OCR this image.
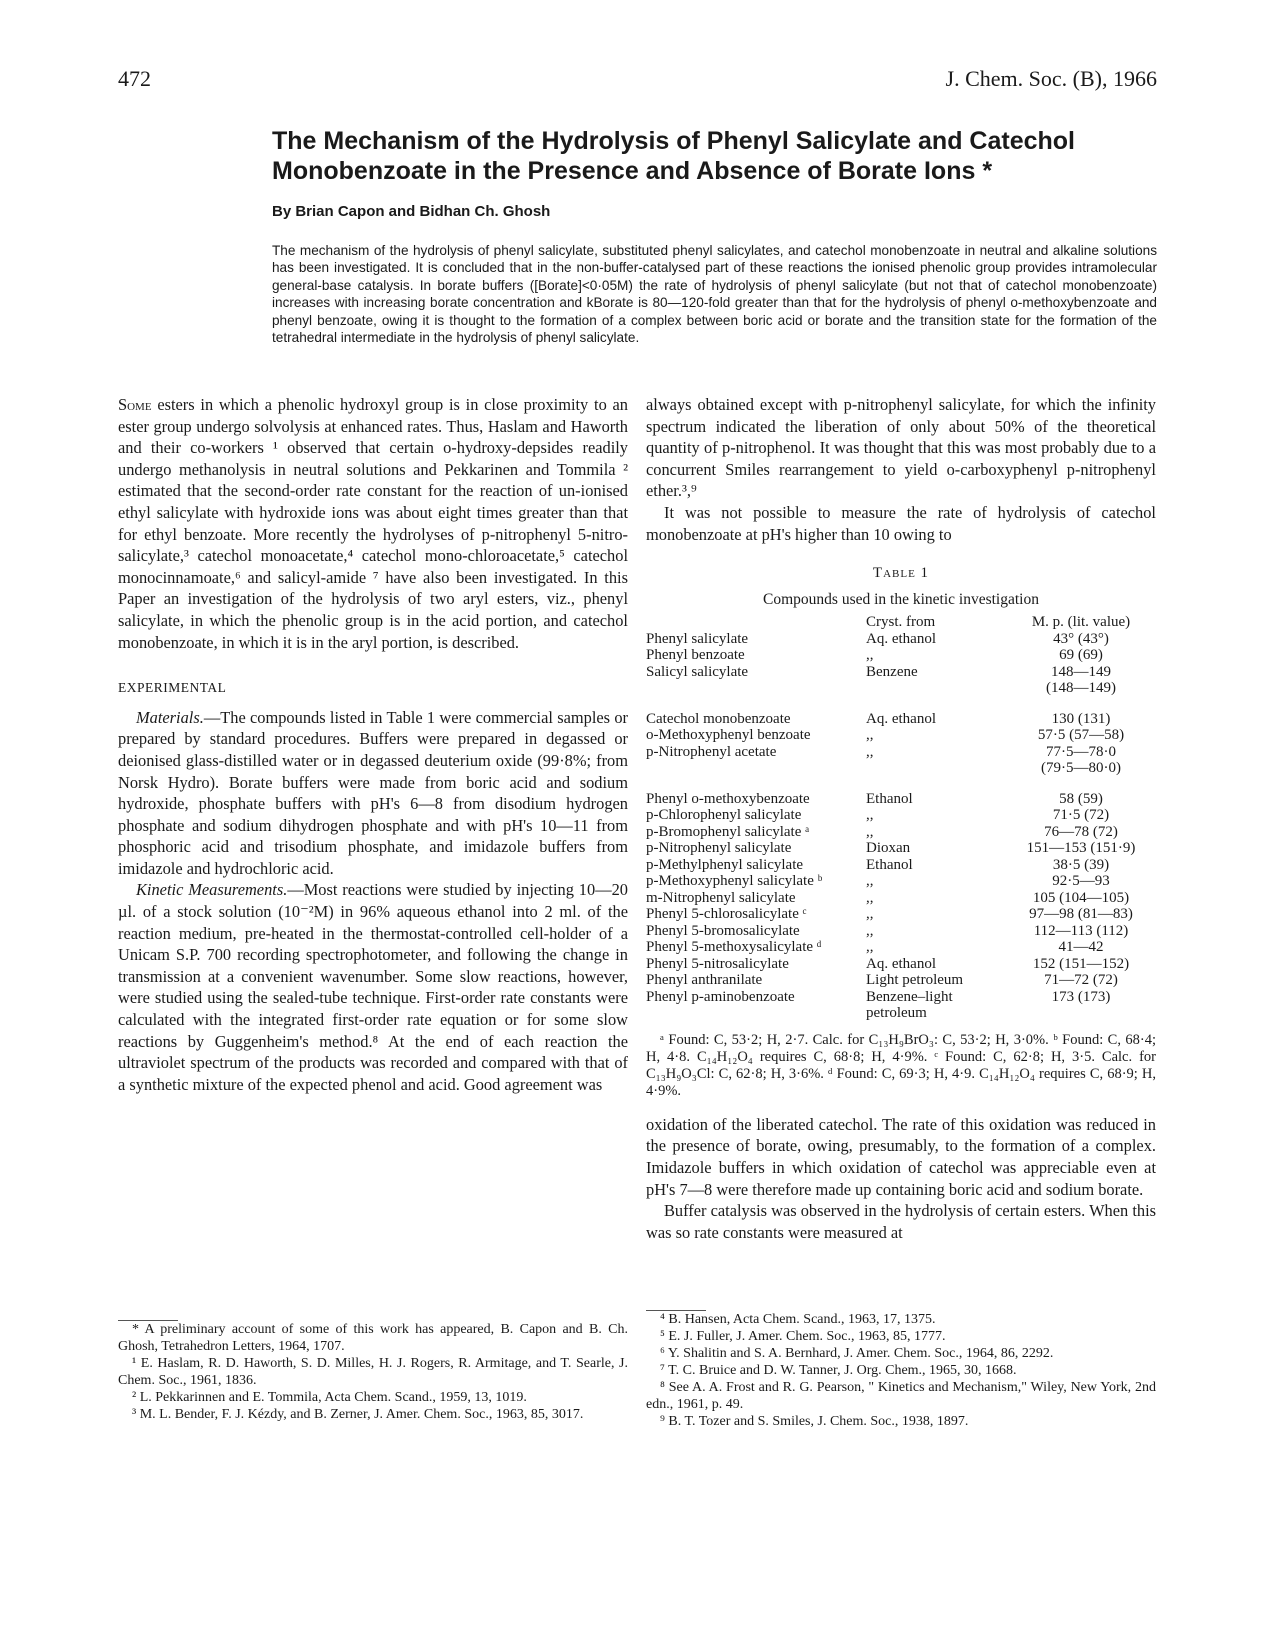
472	J. Chem. Soc. (B), 1966
The Mechanism of the Hydrolysis of Phenyl Salicylate and Catechol Monobenzoate in the Presence and Absence of Borate Ions *
By Brian Capon and Bidhan Ch. Ghosh

The mechanism of the hydrolysis of phenyl salicylate, substituted phenyl salicylates, and catechol monobenzoate in neutral and alkaline solutions has been investigated. It is concluded that in the non-buffer-catalysed part of these reactions the ionised phenolic group provides intramolecular general-base catalysis. In borate buffers ([Borate]<0·05M) the rate of hydrolysis of phenyl salicylate (but not that of catechol monobenzoate) increases with increasing borate concentration and kBorate is 80—120-fold greater than that for the hydrolysis of phenyl o-methoxybenzoate and phenyl benzoate, owing it is thought to the formation of a complex between boric acid or borate and the transition state for the formation of the tetrahedral intermediate in the hydrolysis of phenyl salicylate.

Some esters in which a phenolic hydroxyl group is in close proximity to an ester group undergo solvolysis at enhanced rates. Thus, Haslam and Haworth and their co-workers ¹ observed that certain o-hydroxy-depsides readily undergo methanolysis in neutral solutions and Pekkarinen and Tommila ² estimated that the second-order rate constant for the reaction of un-ionised ethyl salicylate with hydroxide ions was about eight times greater than that for ethyl benzoate. More recently the hydrolyses of p-nitrophenyl 5-nitro-salicylate,³ catechol monoacetate,⁴ catechol mono-chloroacetate,⁵ catechol monocinnamoate,⁶ and salicyl-amide ⁷ have also been investigated. In this Paper an investigation of the hydrolysis of two aryl esters, viz., phenyl salicylate, in which the phenolic group is in the acid portion, and catechol monobenzoate, in which it is in the aryl portion, is described.

EXPERIMENTAL

Materials.—The compounds listed in Table 1 were commercial samples or prepared by standard procedures. Buffers were prepared in degassed or deionised glass-distilled water or in degassed deuterium oxide (99·8%; from Norsk Hydro). Borate buffers were made from boric acid and sodium hydroxide, phosphate buffers with pH's 6—8 from disodium hydrogen phosphate and sodium dihydrogen phosphate and with pH's 10—11 from phosphoric acid and trisodium phosphate, and imidazole buffers from imidazole and hydrochloric acid.

Kinetic Measurements.—Most reactions were studied by injecting 10—20 µl. of a stock solution (10⁻²M) in 96% aqueous ethanol into 2 ml. of the reaction medium, pre-heated in the thermostat-controlled cell-holder of a Unicam S.P. 700 recording spectrophotometer, and following the change in transmission at a convenient wavenumber. Some slow reactions, however, were studied using the sealed-tube technique. First-order rate constants were calculated with the integrated first-order rate equation or for some slow reactions by Guggenheim's method.⁸ At the end of each reaction the ultraviolet spectrum of the products was recorded and compared with that of a synthetic mixture of the expected phenol and acid. Good agreement was

* A preliminary account of some of this work has appeared, B. Capon and B. Ch. Ghosh, Tetrahedron Letters, 1964, 1707.

¹ E. Haslam, R. D. Haworth, S. D. Milles, H. J. Rogers, R. Armitage, and T. Searle, J. Chem. Soc., 1961, 1836.

² L. Pekkarinnen and E. Tommila, Acta Chem. Scand., 1959, 13, 1019.

³ M. L. Bender, F. J. Kézdy, and B. Zerner, J. Amer. Chem. Soc., 1963, 85, 3017.

always obtained except with p-nitrophenyl salicylate, for which the infinity spectrum indicated the liberation of only about 50% of the theoretical quantity of p-nitrophenol. It was thought that this was most probably due to a concurrent Smiles rearrangement to yield o-carboxyphenyl p-nitrophenyl ether.³,⁹

It was not possible to measure the rate of hydrolysis of catechol monobenzoate at pH's higher than 10 owing to

Table 1
Compounds used in the kinetic investigation
	Cryst. from	M. p. (lit. value)
Phenyl salicylate	Aq. ethanol	43° (43°)
Phenyl benzoate	,,	69 (69)
Salicyl salicylate	Benzene	148—149
		(148—149)
Catechol monobenzoate	Aq. ethanol	130 (131)
o-Methoxyphenyl benzoate	,,	57·5 (57—58)
p-Nitrophenyl acetate	,,	77·5—78·0
		(79·5—80·0)
Phenyl o-methoxybenzoate	Ethanol	58 (59)
p-Chlorophenyl salicylate	,,	71·5 (72)
p-Bromophenyl salicylate ᵃ	,,	76—78 (72)
p-Nitrophenyl salicylate	Dioxan	151—153 (151·9)
p-Methylphenyl salicylate	Ethanol	38·5 (39)
p-Methoxyphenyl salicylate ᵇ	,,	92·5—93
m-Nitrophenyl salicylate	,,	105 (104—105)
Phenyl 5-chlorosalicylate ᶜ	,,	97—98 (81—83)
Phenyl 5-bromosalicylate	,,	112—113 (112)
Phenyl 5-methoxysalicylate ᵈ	,,	41—42
Phenyl 5-nitrosalicylate	Aq. ethanol	152 (151—152)
Phenyl anthranilate	Light petroleum	71—72 (72)
Phenyl p-aminobenzoate	Benzene–light	173 (173)
	petroleum	
ᵃ Found: C, 53·2; H, 2·7. Calc. for C₁₃H₉BrO₃: C, 53·2; H, 3·0%. ᵇ Found: C, 68·4; H, 4·8. C₁₄H₁₂O₄ requires C, 68·8; H, 4·9%. ᶜ Found: C, 62·8; H, 3·5. Calc. for C₁₃H₉O₃Cl: C, 62·8; H, 3·6%. ᵈ Found: C, 69·3; H, 4·9. C₁₄H₁₂O₄ requires C, 68·9; H, 4·9%.

oxidation of the liberated catechol. The rate of this oxidation was reduced in the presence of borate, owing, presumably, to the formation of a complex. Imidazole buffers in which oxidation of catechol was appreciable even at pH's 7—8 were therefore made up containing boric acid and sodium borate.

Buffer catalysis was observed in the hydrolysis of certain esters. When this was so rate constants were measured at

⁴ B. Hansen, Acta Chem. Scand., 1963, 17, 1375.

⁵ E. J. Fuller, J. Amer. Chem. Soc., 1963, 85, 1777.

⁶ Y. Shalitin and S. A. Bernhard, J. Amer. Chem. Soc., 1964, 86, 2292.

⁷ T. C. Bruice and D. W. Tanner, J. Org. Chem., 1965, 30, 1668.

⁸ See A. A. Frost and R. G. Pearson, " Kinetics and Mechanism," Wiley, New York, 2nd edn., 1961, p. 49.

⁹ B. T. Tozer and S. Smiles, J. Chem. Soc., 1938, 1897.
